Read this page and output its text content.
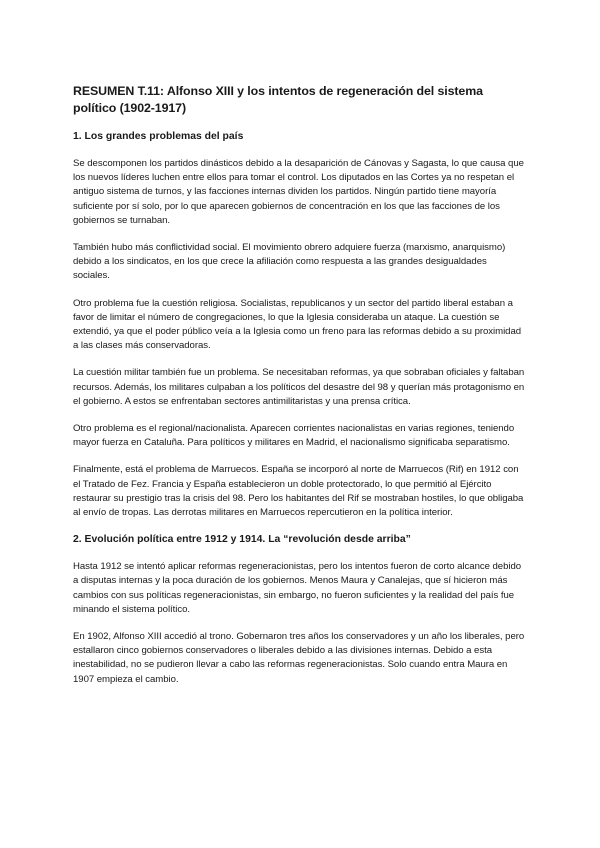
RESUMEN T.11: Alfonso XIII y los intentos de regeneración del sistema político (1902-1917)
1. Los grandes problemas del país

Se descomponen los partidos dinásticos debido a la desaparición de Cánovas y Sagasta, lo que causa que los nuevos líderes luchen entre ellos para tomar el control. Los diputados en las Cortes ya no respetan el antiguo sistema de turnos, y las facciones internas dividen los partidos. Ningún partido tiene mayoría suficiente por sí solo, por lo que aparecen gobiernos de concentración en los que las facciones de los gobiernos se turnaban.

También hubo más conflictividad social. El movimiento obrero adquiere fuerza (marxismo, anarquismo) debido a los sindicatos, en los que crece la afiliación como respuesta a las grandes desigualdades sociales.

Otro problema fue la cuestión religiosa. Socialistas, republicanos y un sector del partido liberal estaban a favor de limitar el número de congregaciones, lo que la Iglesia consideraba un ataque. La cuestión se extendió, ya que el poder público veía a la Iglesia como un freno para las reformas debido a su proximidad a las clases más conservadoras.

La cuestión militar también fue un problema. Se necesitaban reformas, ya que sobraban oficiales y faltaban recursos. Además, los militares culpaban a los políticos del desastre del 98 y querían más protagonismo en el gobierno. A estos se enfrentaban sectores antimilitaristas y una prensa crítica.

Otro problema es el regional/nacionalista. Aparecen corrientes nacionalistas en varias regiones, teniendo mayor fuerza en Cataluña. Para políticos y militares en Madrid, el nacionalismo significaba separatismo.

Finalmente, está el problema de Marruecos. España se incorporó al norte de Marruecos (Rif) en 1912 con el Tratado de Fez. Francia y España establecieron un doble protectorado, lo que permitió al Ejército restaurar su prestigio tras la crisis del 98. Pero los habitantes del Rif se mostraban hostiles, lo que obligaba al envío de tropas. Las derrotas militares en Marruecos repercutieron en la política interior.

2. Evolución política entre 1912 y 1914. La “revolución desde arriba”

Hasta 1912 se intentó aplicar reformas regeneracionistas, pero los intentos fueron de corto alcance debido a disputas internas y la poca duración de los gobiernos. Menos Maura y Canalejas, que sí hicieron más cambios con sus políticas regeneracionistas, sin embargo, no fueron suficientes y la realidad del país fue minando el sistema político.

En 1902, Alfonso XIII accedió al trono. Gobernaron tres años los conservadores y un año los liberales, pero estallaron cinco gobiernos conservadores o liberales debido a las divisiones internas. Debido a esta inestabilidad, no se pudieron llevar a cabo las reformas regeneracionistas. Solo cuando entra Maura en 1907 empieza el cambio.
